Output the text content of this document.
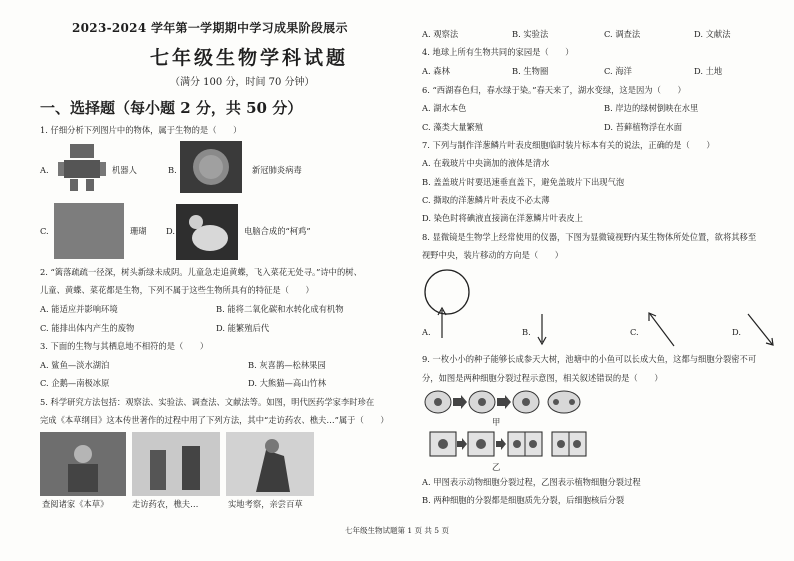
2023-2024 学年第一学期期中学习成果阶段展示
七年级生物学科试题
（满分 100 分，时间 70 分钟）
一、选择题（每小题 2 分，共 50 分）
1. 仔细分析下列图片中的物体，属于生物的是（　　）
A.	机器人	B.	新冠肺炎病毒
C.	珊瑚 D.	电脑合成的“柯鸡”
2. “篱落疏疏一径深，树头新绿未成阴。儿童急走追黄蝶，飞入菜花无处寻。”诗中的树、
儿童、黄蝶、菜花都是生物，下列不属于这些生物所具有的特征是（　　）
A. 能适应并影响环境	B. 能将二氧化碳和水转化成有机物
C. 能排出体内产生的废物	D. 能繁殖后代
3. 下面的生物与其栖息地不相符的是（　　）
A. 鲨鱼—淡水湖泊	B. 灰喜鹊—松林果园
C. 企鹅—南极冰原	D. 大熊猫—高山竹林
5. 科学研究方法包括：观察法、实验法、调查法、文献法等。如图，明代医药学家李时珍在
完成《本草纲目》这本传世著作的过程中用了下列方法，其中“走访药农、樵夫…”属于（　　）
查阅诸家《本草》	走访药农，樵夫…	实地考察，亲尝百草
七年级生物试题第 1 页 共 5 页
A. 观察法	B. 实验法	C. 调查法	D. 文献法
4. 地球上所有生物共同的家园是（　　）
A. 森林	B. 生物圈	C. 海洋	D. 土地
6. “西湖春色归，春水绿于染。”春天来了，湖水变绿，这是因为（　　）
A. 湖水本色	B. 岸边的绿树倒映在水里
C. 藻类大量繁殖	D. 苔藓植物浮在水面
7. 下列与制作洋葱鳞片叶表皮细胞临时装片标本有关的说法，正确的是（　　）
A. 在载玻片中央滴加的液体是清水
B. 盖盖玻片时要迅速垂直盖下，避免盖玻片下出现气泡
C. 撕取的洋葱鳞片叶表皮不必太薄
D. 染色时将碘液直接滴在洋葱鳞片叶表皮上
8. 显微镜是生物学上经常使用的仪器，下图为显微镜视野内某生物体所处位置，欲将其移至
视野中央，装片移动的方向是（　　）
A.	B.	C.	D.
9. 一枚小小的种子能够长成参天大树，池塘中的小鱼可以长成大鱼，这都与细胞分裂密不可
分，如图是两种细胞分裂过程示意图，相关叙述错误的是（　　）
甲
乙
A. 甲图表示动物细胞分裂过程，乙图表示植物细胞分裂过程
B. 两种细胞的分裂都是细胞质先分裂，后细胞核后分裂
